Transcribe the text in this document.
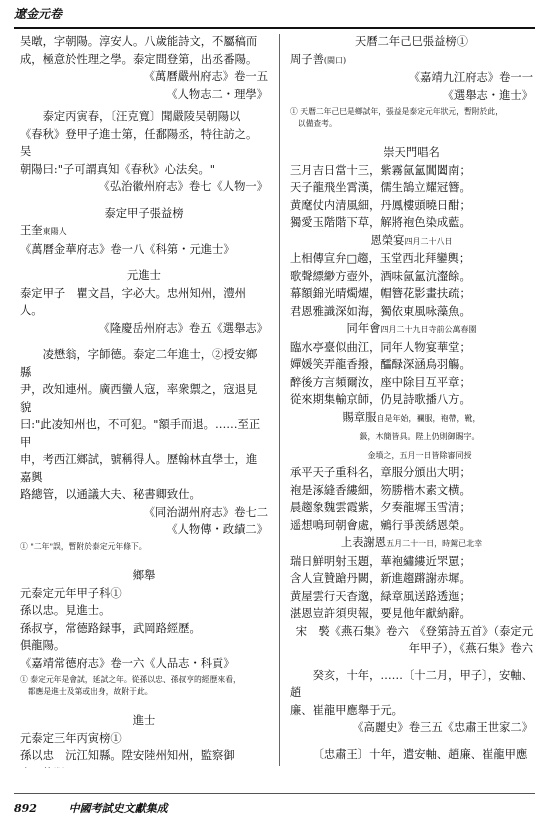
遼金元卷
吴暾，字朝陽。淳安人。八歲能詩文，不屬稿而
成，極意於性理之學。泰定間登第，出丞番陽。
《萬曆嚴州府志》卷一五
《人物志二・理學》
泰定丙寅春，〔汪克寬〕聞嚴陵吴朝陽以
《春秋》登甲子進士第，任鄱陽丞，特往訪之。吴
朝陽曰:"子可謂真知《春秋》心法矣。"
《弘治徽州府志》卷七《人物一》
泰定甲子張益榜
王奎東陽人
《萬曆金華府志》卷一八《科第・元進士》
元進士
泰定甲子　瞿文昌，字必大。忠州知州，澧州人。
《隆慶岳州府志》卷五《選舉志》
凌懋翁，字師德。泰定二年進士，②授安鄉縣
尹，改知連州。廣西蠻人寇，率衆禦之，寇退見貌
曰:"此凌知州也，不可犯。"額手而退。……至正甲
申，考西江鄉試，號稱得人。歷翰林直學士，進嘉興
路總管，以通議大夫、秘書卿致仕。
《同治湖州府志》卷七二
《人物傳・政績二》
① "二年"誤，暫附於泰定元年條下。
鄉舉
元泰定元年甲子科①
孫以忠。見進士。
孫叔亨，常德路録事，武岡路經歷。
俱龍陽。
《嘉靖常德府志》卷一六《人品志・科貢》
① 泰定元年是會試，延試之年。從孫以忠、孫叔亨的經歷來看，
　都應是進士及第或出身，故附于此。
進士
元泰定三年丙寅榜①
孫以忠　沅江知縣。陞安陸州知州，監察御
天曆二年己巳張益榜①
周子善(閩口)
《嘉靖九江府志》卷一一
《選舉志・進士》
① 天曆二年己巳是鄉試年，張益是泰定元年狀元，暫附於此，
　以備查考。
崇天門唱名
三月吉日當十三，紫霧氤氳閶闔南；
天子龍飛坐霄漢，儒生鵠立耀冠簪。
黄麾仗内清風細，丹鳳樓頭曉日酣；
獨愛玉階階下草，解將袍色染成藍。
恩榮宴四月二十八日
上相傳宣弁□趨，玉堂西北拜鑾輿；
歌聲縹緲方壺外，酒味氤氳沆瀣餘。
幕額錦光晴燭燿，帽簪花影畫扶疏；
君恩雅識深如海，獨依東風咏藻魚。
同年會四月二十九日寺前公萬春園
臨水亭臺似曲江，同年人物宴華堂；
嬋媛笑弄龍香撥，醽醁深涵鳥羽觴。
醉後方言頻爾汝，座中除目互平章；
從來期集輸京師，仍見詩歌播八方。
賜章服自是年始，襴服，袍帶，靴，
　　鈒，木簡皆具。陛上仍則御賜字。
　　金墳之，五月一日皆除審同授
承平天子重科名，章服分頒出大明；
袍是涿縫香縷細，笏勝楷木素文横。
晨趨象魏雲霞紫，夕奏龍墀玉雪清；
遥想鳴珂朝會處，鵷行爭羡綉恩榮。
上表謝恩五月二十一日，時駕已北幸
瑞日鮮明射玉題，華袍繡縷近罘罳；
含人宣贊蹌丹闕，新進趨蹡謝赤墀。
黄屋雲行天杳邈，緑章風送路透迤；
湛恩豈許須臾報，要見他年獻納辭。
宋　褧《燕石集》卷六　《登第詩五首》（泰定元
年甲子），《燕石集》卷六
癸亥，十年，……〔十二月，甲子〕，安軸、趙
廉、崔龍甲應舉于元。
《高麗史》卷三五《忠肅王世家二》
〔忠肅王〕十年，遣安軸、趙廉、崔龍甲應
892	中國考試史文獻集成
